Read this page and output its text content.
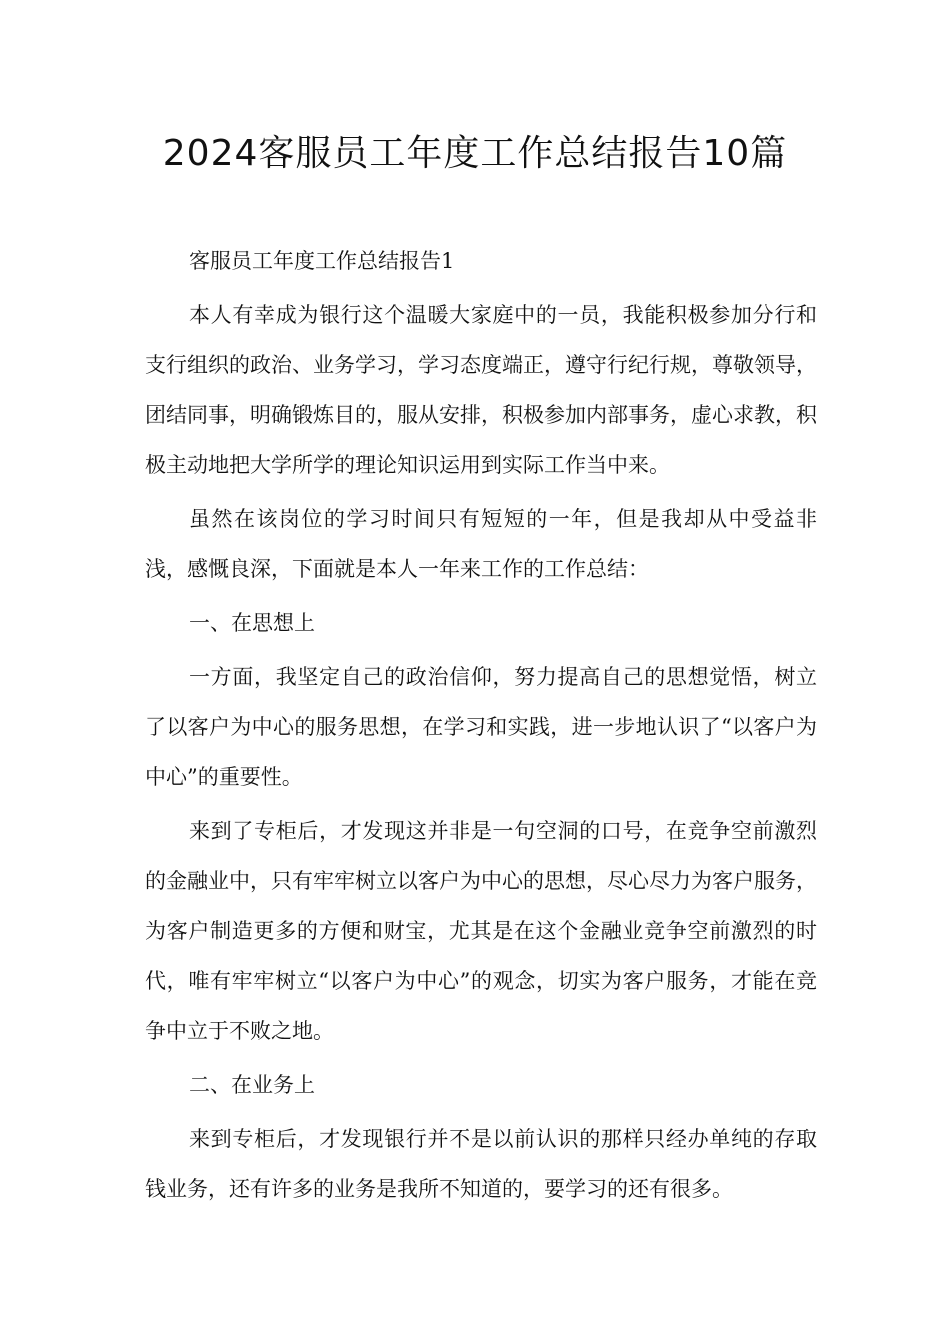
2024客服员工年度工作总结报告10篇

客服员工年度工作总结报告1

本人有幸成为银行这个温暖大家庭中的一员，我能积极参加分行和支行组织的政治、业务学习，学习态度端正，遵守行纪行规，尊敬领导，团结同事，明确锻炼目的，服从安排，积极参加内部事务，虚心求教，积极主动地把大学所学的理论知识运用到实际工作当中来。

虽然在该岗位的学习时间只有短短的一年，但是我却从中受益非浅，感慨良深，下面就是本人一年来工作的工作总结：

一、在思想上

一方面，我坚定自己的政治信仰，努力提高自己的思想觉悟，树立了以客户为中心的服务思想，在学习和实践，进一步地认识了“以客户为中心”的重要性。

来到了专柜后，才发现这并非是一句空洞的口号，在竞争空前激烈的金融业中，只有牢牢树立以客户为中心的思想，尽心尽力为客户服务，为客户制造更多的方便和财宝，尤其是在这个金融业竞争空前激烈的时代，唯有牢牢树立“以客户为中心”的观念，切实为客户服务，才能在竞争中立于不败之地。

二、在业务上

来到专柜后，才发现银行并不是以前认识的那样只经办单纯的存取钱业务，还有许多的业务是我所不知道的，要学习的还有很多。
